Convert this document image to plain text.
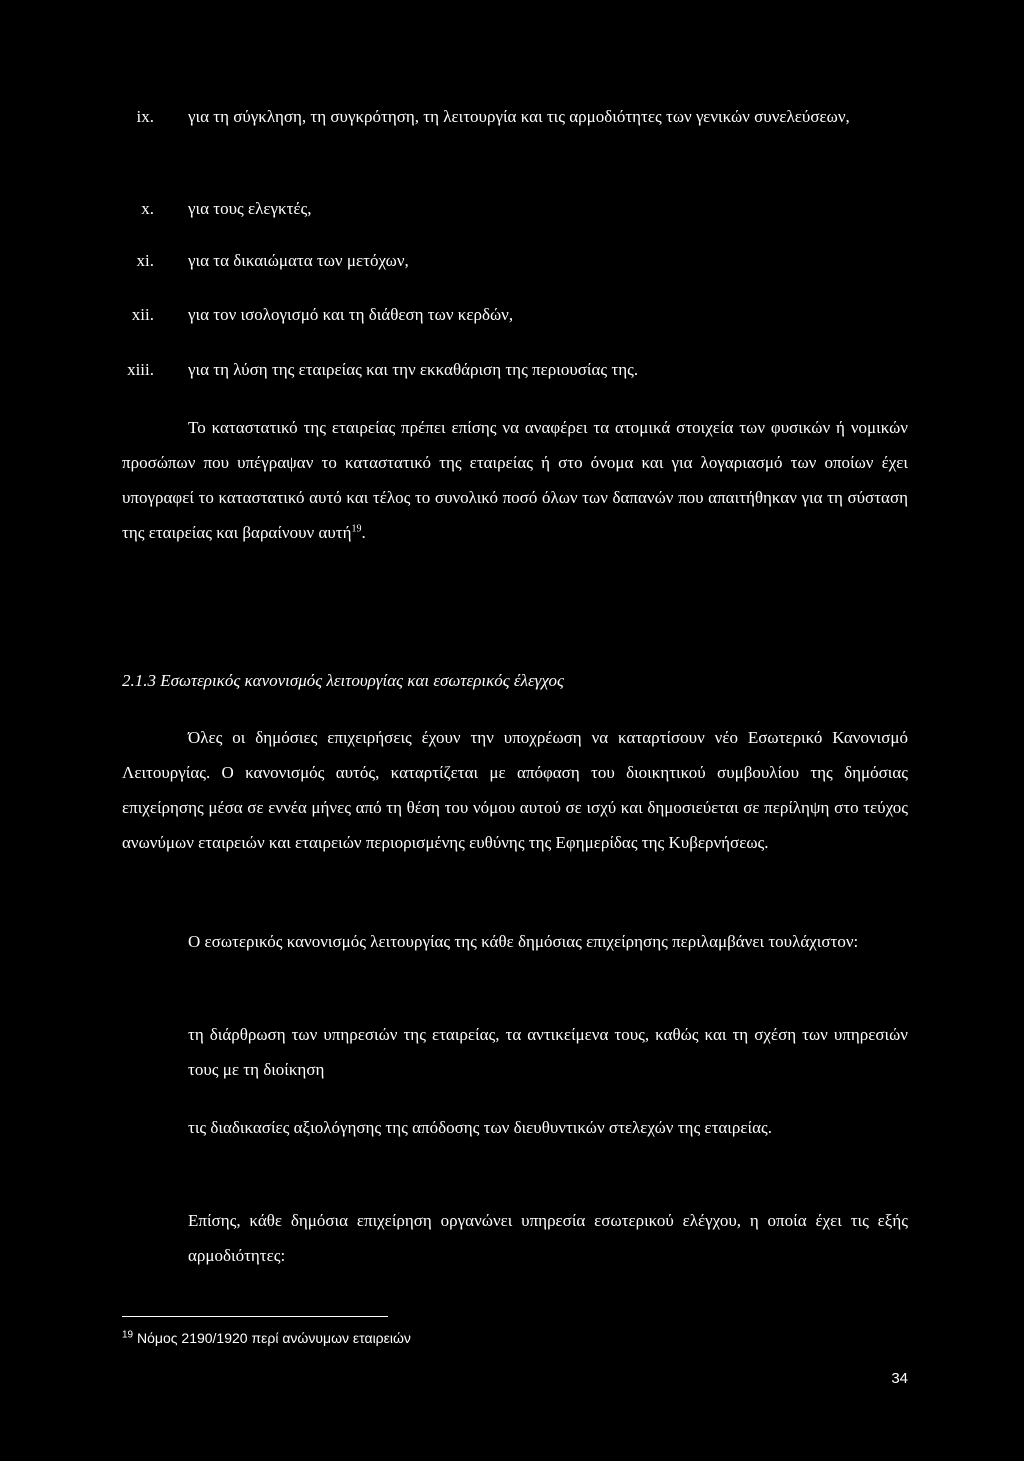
ix. για τη σύγκληση, τη συγκρότηση, τη λειτουργία και τις αρμοδιότητες των γενικών συνελεύσεων,
x. για τους ελεγκτές,
xi. για τα δικαιώματα των μετόχων,
xii. για τον ισολογισμό και τη διάθεση των κερδών,
xiii. για τη λύση της εταιρείας και την εκκαθάριση της περιουσίας της.
Το καταστατικό της εταιρείας πρέπει επίσης να αναφέρει τα ατομικά στοιχεία των φυσικών ή νομικών προσώπων που υπέγραψαν το καταστατικό της εταιρείας ή στο όνομα και για λογαριασμό των οποίων έχει υπογραφεί το καταστατικό αυτό και τέλος το συνολικό ποσό όλων των δαπανών που απαιτήθηκαν για τη σύσταση της εταιρείας και βαραίνουν αυτή$^{19}$.
2.1.3 Εσωτερικός κανονισμός λειτουργίας και εσωτερικός έλεγχος
Όλες οι δημόσιες επιχειρήσεις έχουν την υποχρέωση να καταρτίσουν νέο Εσωτερικό Κανονισμό Λειτουργίας. Ο κανονισμός αυτός, καταρτίζεται με απόφαση του διοικητικού συμβουλίου της δημόσιας επιχείρησης μέσα σε εννέα μήνες από τη θέση του νόμου αυτού σε ισχύ και δημοσιεύεται σε περίληψη στο τεύχος ανωνύμων εταιρειών και εταιρειών περιορισμένης ευθύνης της Εφημερίδας της Κυβερνήσεως.
Ο εσωτερικός κανονισμός λειτουργίας της κάθε δημόσιας επιχείρησης περιλαμβάνει τουλάχιστον:
τη διάρθρωση των υπηρεσιών της εταιρείας, τα αντικείμενα τους, καθώς και τη σχέση των υπηρεσιών τους με τη διοίκηση
τις διαδικασίες αξιολόγησης της απόδοσης των διευθυντικών στελεχών της εταιρείας.
Επίσης, κάθε δημόσια επιχείρηση οργανώνει υπηρεσία εσωτερικού ελέγχου, η οποία έχει τις εξής αρμοδιότητες:
$^{19}$ Νόμος 2190/1920 περί ανώνυμων εταιρειών
34
